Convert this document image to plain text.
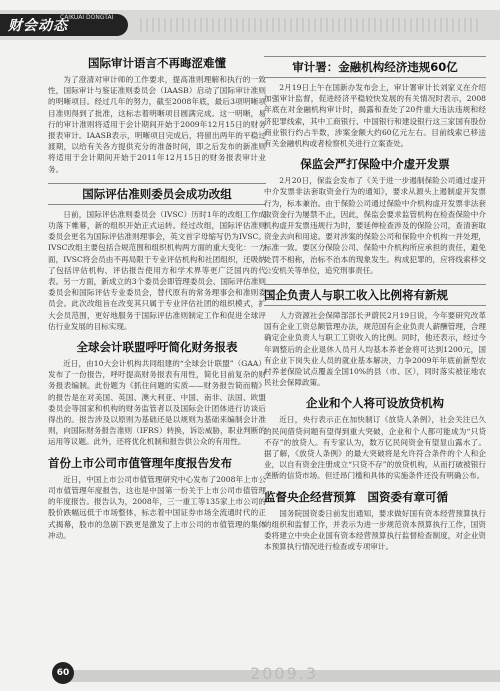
财会动态
CAIKUAI DONGTAI
国际审计语言不再晦涩难懂

为了澄清对审计师的工作要求，提高准则理解和执行的一致性，国际审计与鉴证准则委员会（IAASB）启动了国际审计准则的明晰项目。经过几年的努力，截至2008年底，最后3项明晰项目准则得到了批准，这标志着明晰项目圆满完成。这一明晰，易行的审计准则将适用于会计期间开始于2009年12月15日的财务报表审计。IAASB表示，明晰项目完成后，将留出两年的平稳过渡期，以给有关各方提供充分的准备时间，即之后发布的新准则将适用于会计期间开始于2011年12月15日的财务报表审计业务。

国际评估准则委员会成功改组

日前，国际评估准则委员会（IVSC）历时1年的改组工作成功落下帷幕，新的组织开始正式运转。经过改组，国际评估准则委员会更名为国际评估准则理事会，英文首字母缩写仍为IVSC。IVSC改组主要包括合规范围和组织机构两方面的重大变化：一方面，IVSC将会员由不再局限于专业评估机构和社团组织，还吸纳了包括评估机构、评估报告使用方和学术界等更广泛国内的代表。另一方面，新成立的3个委员会即管理委员会、国际评估准则委员会和国际评估专业委员会，替代原有的常务理事会和准则委员会。此次改组旨在改变其只属于专业评估社团的组织模式，扩大会员范围，更好地服务于国际评估准则制定工作和促进全球评估行业发展的目标实现。

全球会计联盟呼吁简化财务报表

近日，由10大会计机构共同组建的“全球会计联盟”（GAA）发布了一份报告，呼吁提高财务报表有用性，简化目前复杂的财务报表编制。此份题为《抓住问题的实质——财务报告简而精》的报告是在对美国、英国、澳大利亚、中国、南非、法国、欧盟委员会等国家和机构的财务监管者以及国际会计团体进行访谈后得出的。报告涉及以原则为基础还是以规则为基础来编制会计准则，向国际财务报告准则（IFRS）转换，诉讼威胁，职业判断的运用等议题。此外，还将优化机制和报告供公众的有用性。

首份上市公司市值管理年度报告发布

近日，中国上市公司市值管理研究中心发布了2008年上市公司市值管理年度报告，这也是中国第一份关于上市公司市值管理的年度报告。报告认为，2008年，三一重工等135家上市公司的股价跌幅远低于市场整体，标志着中国证券市场全流通时代的正式揭幕，股市的急剧下跌更是激发了上市公司的市值管理的集体冲动。

审计署：金融机构经济违规60亿

2月19日上午在国新办发布会上，审计署审计长刘家义在介绍加强审计监督，促进经济平稳较快发展的有关情况时表示，2008年底在对金融机构审计时，揭露和查处了20件重大违法违规和经济犯罪线索，其中工商银行、中国银行和建设银行这三家国有股份商业银行约占半数，涉案金额大约60亿元左右。目前线索已移送有关金融机构或者检察机关进行立案查处。

保监会严打保险中介虚开发票

2月20日，保监会发布了《关于进一步遏制保险公司通过虚开中介发票非法套取资金行为的通知》，要求从源头上遏制虚开发票行为，标本兼治。由于保险公司通过保险中介机构虚开发票非法套取资金行为屡禁不止，因此，保监会要求监管机构在检查保险中介机构虚开发票违规行为时，要延伸检查涉及的保险公司，查清套取资金去向和用途。要对涉案的保险公司和保险中介机构一并处理，标准一致。要区分保险公司、保险中介机构所应承担的责任，避免处罚不相称，治标不治本的现象发生。构成犯罪的，应将线索移交公安机关等单位，追究刑事责任。

国企负责人与职工收入比例将有新规

人力资源社会保障部部长尹蔚民2月19日说，今年要研究改革国有企业工资总额管理办法，规范国有企业负责人薪酬管理，合理确定企业负责人与职工工资收入的比例。同时，他还表示，经过今年调整后的企业退休人员月人均基本养老金将可达到1200元，国有企业下岗失业人员的就业基本解决，力争2009年年底前新型农村养老保险试点覆盖全国10%的县（市、区），同时落实被征地农民社会保障政策。

企业和个人将可设放贷机构

近日，央行表示正在加快制订《放贷人条例》，社会关注已久的民间借贷问题有望得到重大突破，企业和个人都可能成为“只贷不存”的放贷人。有专家认为，数万亿民间资金有望显山露水了。据了解，《放贷人条例》的最大突破将是允许符合条件的个人和企业，以自有资金注册成立“只贷不存”的放贷机构，从而打破被银行垄断的信贷市场。但迁昂门槛和具体的实施条件还没有明确公布。

监督央企经营预算　国资委有章可循

国务院国资委日前发出通知，要求做好国有资本经营预算执行的组织和监督工作，并表示为进一步规范资本预算执行工作，国资委将建立中央企业国有资本经营预算执行监督检查制度，对企业资本预算执行情况进行检查或专项审计。

60	2009.3
